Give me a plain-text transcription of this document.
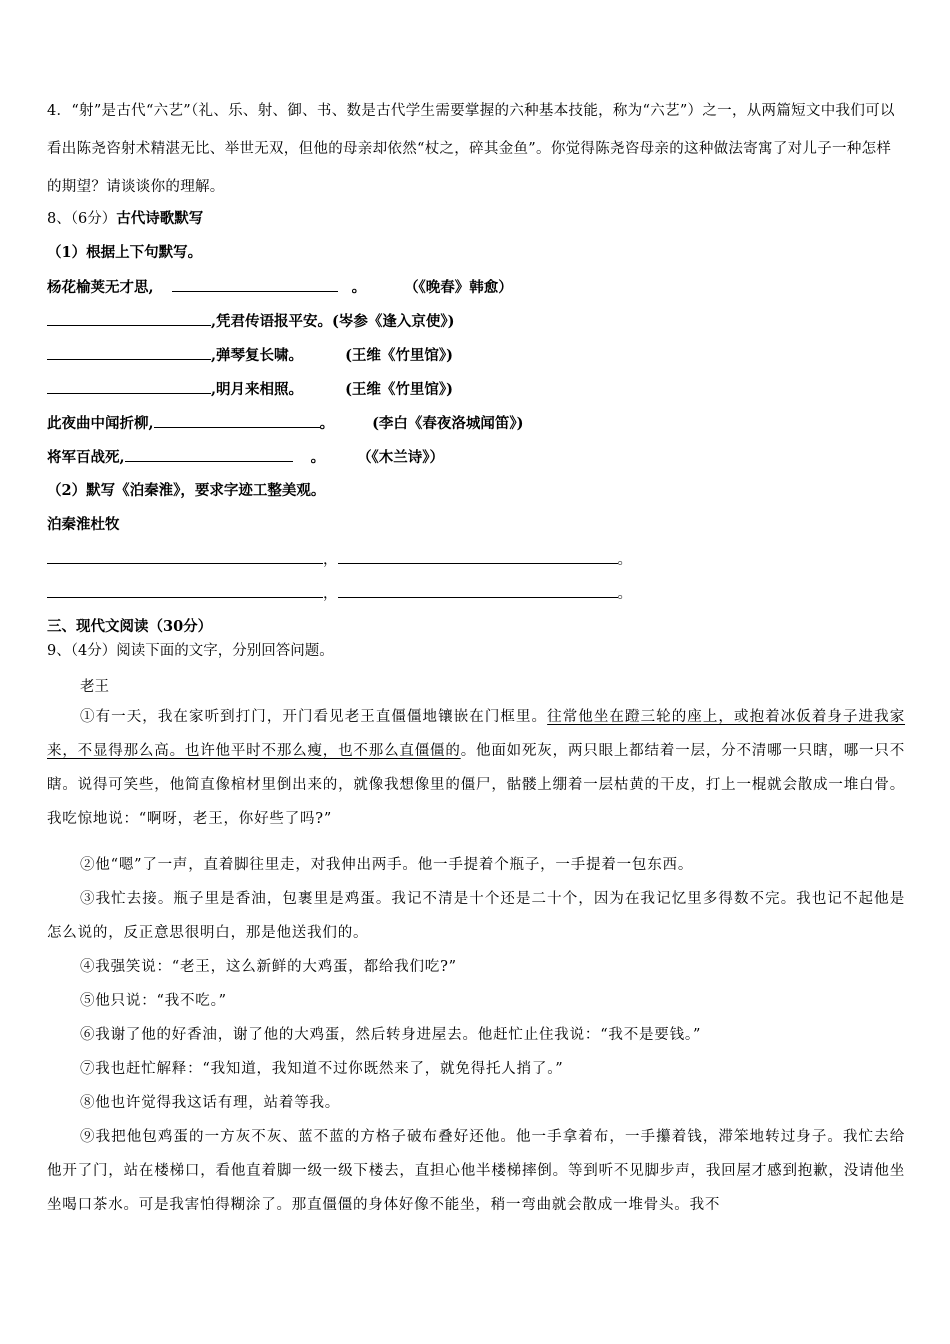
4．“射”是古代“六艺”（礼、乐、射、御、书、数是古代学生需要掌握的六种基本技能，称为“六艺”）之一，从两篇短文中我们可以看出陈尧咨射术精湛无比、举世无双，但他的母亲却依然“杖之，碎其金鱼”。你觉得陈尧咨母亲的这种做法寄寓了对儿子一种怎样的期望？请谈谈你的理解。
8、（6分）古代诗歌默写
（1）根据上下句默写。
杨花榆荚无才思,	。	（《晚春》韩愈）
,凭君传语报平安。(岑参《逢入京使》)
,弹琴复长啸。	(王维《竹里馆》)
,明月来相照。	(王维《竹里馆》)
此夜曲中闻折柳,	。	(李白《春夜洛城闻笛》)
将军百战死,	。 （《木兰诗》）
（2）默写《泊秦淮》，要求字迹工整美观。
泊秦淮杜牧
，	。
，	。
三、现代文阅读（30分）
9、（4分）阅读下面的文字，分别回答问题。
老王
①有一天，我在家听到打门，开门看见老王直僵僵地镶嵌在门框里。往常他坐在蹬三轮的座上，或抱着冰仮着身子进我家来，不显得那么高。也许他平时不那么瘦，也不那么直僵僵的。他面如死灰，两只眼上都结着一层，分不清哪一只瞎，哪一只不瞎。说得可笑些，他简直像棺材里倒出来的，就像我想像里的僵尸，骷髅上绷着一层枯黄的干皮，打上一棍就会散成一堆白骨。我吃惊地说：“啊呀，老王，你好些了吗?”
②他“嗯”了一声，直着脚往里走，对我伸出两手。他一手提着个瓶子，一手提着一包东西。
③我忙去接。瓶子里是香油，包裹里是鸡蛋。我记不清是十个还是二十个，因为在我记忆里多得数不完。我也记不起他是怎么说的，反正意思很明白，那是他送我们的。
④我强笑说：“老王，这么新鲜的大鸡蛋，都给我们吃?”
⑤他只说：“我不吃。”
⑥我谢了他的好香油，谢了他的大鸡蛋，然后转身进屋去。他赶忙止住我说：“我不是要钱。”
⑦我也赶忙解释：“我知道，我知道不过你既然来了，就免得托人捎了。”
⑧他也许觉得我这话有理，站着等我。
⑨我把他包鸡蛋的一方灰不灰、蓝不蓝的方格子破布叠好还他。他一手拿着布，一手攥着钱，滞笨地转过身子。我忙去给他开了门，站在楼梯口，看他直着脚一级一级下楼去，直担心他半楼梯摔倒。等到听不见脚步声，我回屋才感到抱歉，没请他坐坐喝口茶水。可是我害怕得糊涂了。那直僵僵的身体好像不能坐，稍一弯曲就会散成一堆骨头。我不
